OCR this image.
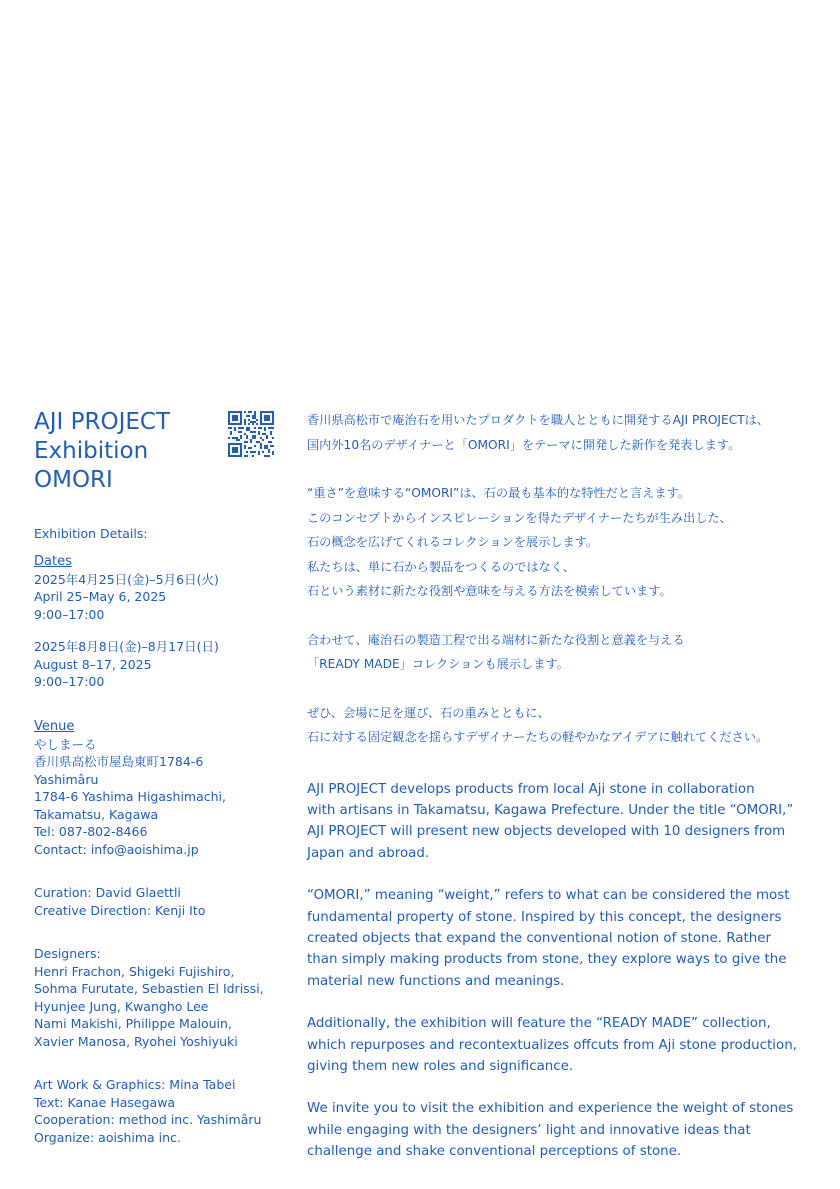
AJI PROJECT
Exhibition
OMORI
Exhibition Details:
Dates
2025年4月25日(金)–5月6日(火)
April 25–May 6, 2025
9:00–17:00
2025年8月8日(金)–8月17日(日)
August 8–17, 2025
9:00–17:00
Venue
やしまーる
香川県高松市屋島東町1784-6
Yashimâru
1784-6 Yashima Higashimachi,
Takamatsu, Kagawa
Tel: 087-802-8466
Contact: info@aoishima.jp
Curation: David Glaettli
Creative Direction: Kenji Ito
Designers:
Henri Frachon, Shigeki Fujishiro,
Sohma Furutate, Sebastien El Idrissi,
Hyunjee Jung, Kwangho Lee
Nami Makishi, Philippe Malouin,
Xavier Manosa, Ryohei Yoshiyuki
Art Work & Graphics: Mina Tabei
Text: Kanae Hasegawa
Cooperation: method inc. Yashimâru
Organize: aoishima inc.
香川県高松市で庵治石を用いたプロダクトを職人とともに開発するAJI PROJECTは、
国内外10名のデザイナーと「OMORI」をテーマに開発した新作を発表します。
“重さ”を意味する“OMORI”は、石の最も基本的な特性だと言えます。
このコンセプトからインスピレーションを得たデザイナーたちが生み出した、
石の概念を広げてくれるコレクションを展示します。
私たちは、単に石から製品をつくるのではなく、
石という素材に新たな役割や意味を与える方法を模索しています。
合わせて、庵治石の製造工程で出る端材に新たな役割と意義を与える
「READY MADE」コレクションも展示します。
ぜひ、会場に足を運び、石の重みとともに、
石に対する固定観念を揺らすデザイナーたちの軽やかなアイデアに触れてください。
AJI PROJECT develops products from local Aji stone in collaboration
with artisans in Takamatsu, Kagawa Prefecture. Under the title “OMORI,”
AJI PROJECT will present new objects developed with 10 designers from
Japan and abroad.
“OMORI,” meaning “weight,” refers to what can be considered the most
fundamental property of stone. Inspired by this concept, the designers
created objects that expand the conventional notion of stone. Rather
than simply making products from stone, they explore ways to give the
material new functions and meanings.
Additionally, the exhibition will feature the “READY MADE” collection,
which repurposes and recontextualizes offcuts from Aji stone production,
giving them new roles and significance.
We invite you to visit the exhibition and experience the weight of stones
while engaging with the designers’ light and innovative ideas that
challenge and shake conventional perceptions of stone.
